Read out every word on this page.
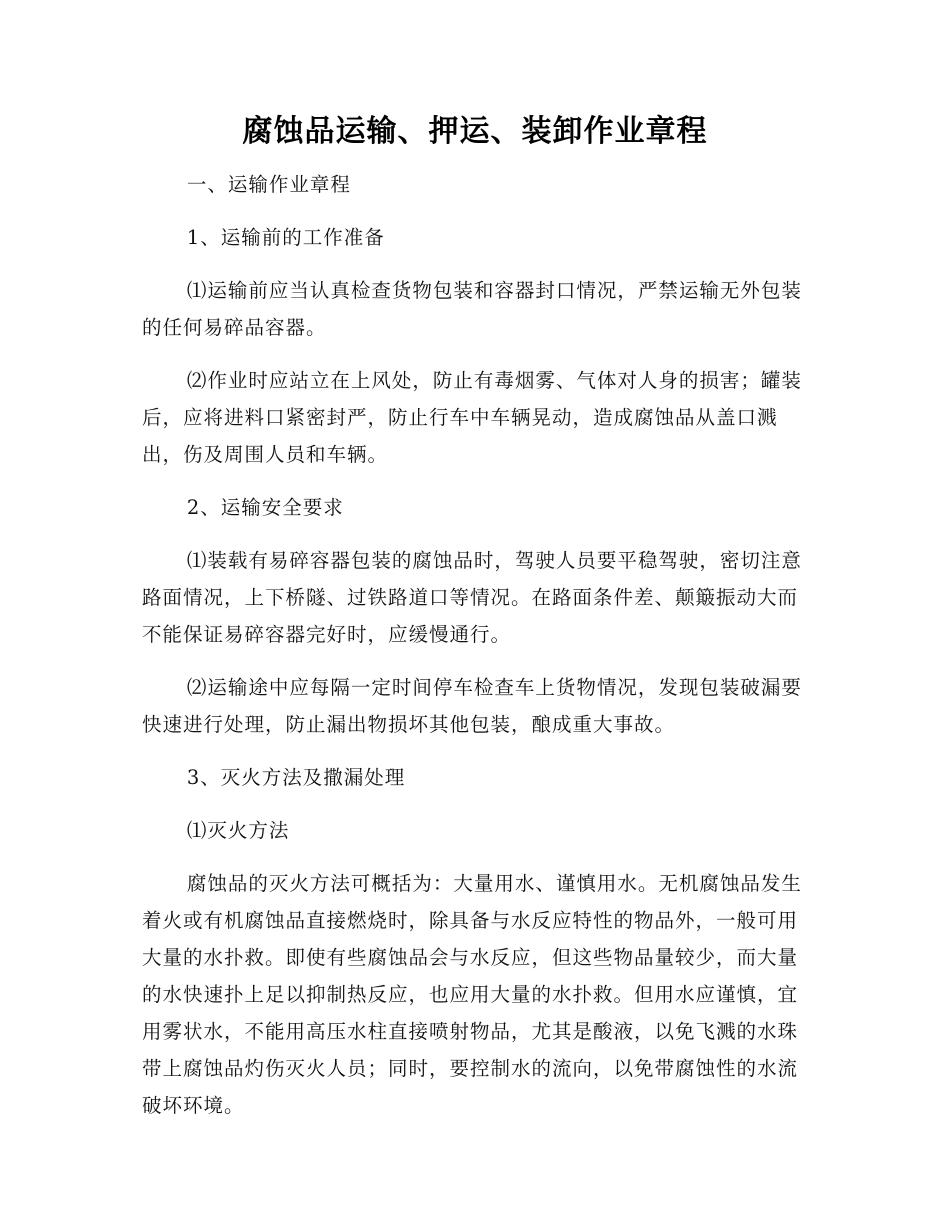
腐蚀品运输、押运、装卸作业章程

一、运输作业章程

1、运输前的工作准备

⑴运输前应当认真检查货物包装和容器封口情况，严禁运输无外包装的任何易碎品容器。

⑵作业时应站立在上风处，防止有毒烟雾、气体对人身的损害；罐装后，应将进料口紧密封严，防止行车中车辆晃动，造成腐蚀品从盖口溅出，伤及周围人员和车辆。

2、运输安全要求

⑴装载有易碎容器包装的腐蚀品时，驾驶人员要平稳驾驶，密切注意路面情况，上下桥隧、过铁路道口等情况。在路面条件差、颠簸振动大而不能保证易碎容器完好时，应缓慢通行。

⑵运输途中应每隔一定时间停车检查车上货物情况，发现包装破漏要快速进行处理，防止漏出物损坏其他包装，酿成重大事故。

3、灭火方法及撒漏处理

⑴灭火方法

腐蚀品的灭火方法可概括为：大量用水、谨慎用水。无机腐蚀品发生着火或有机腐蚀品直接燃烧时，除具备与水反应特性的物品外，一般可用大量的水扑救。即使有些腐蚀品会与水反应，但这些物品量较少，而大量的水快速扑上足以抑制热反应，也应用大量的水扑救。但用水应谨慎，宜用雾状水，不能用高压水柱直接喷射物品，尤其是酸液，以免飞溅的水珠带上腐蚀品灼伤灭火人员；同时，要控制水的流向，以免带腐蚀性的水流破坏环境。
